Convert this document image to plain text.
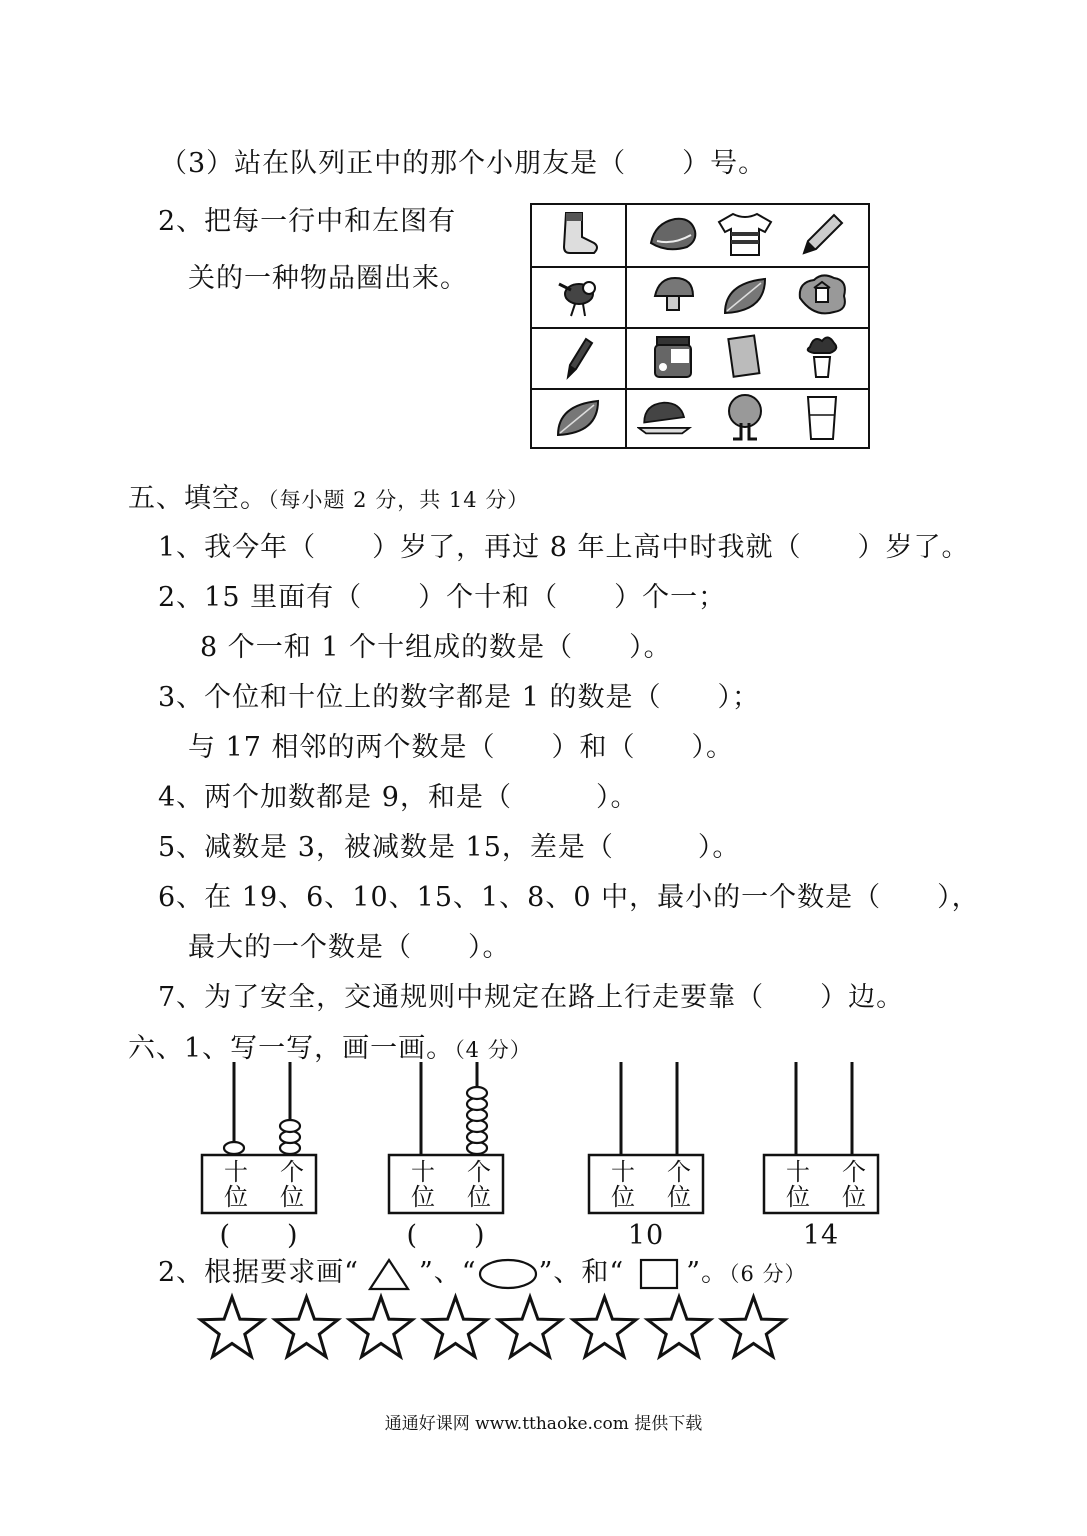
（3）站在队列正中的那个小朋友是（　　）号。
2、把每一行中和左图有
关的一种物品圈出来。
五、填空。（每小题 2 分，共 14 分）
1、我今年（　　）岁了，再过 8 年上高中时我就（　　）岁了。
2、15 里面有（　　）个十和（　　）个一；
8 个一和 1 个十组成的数是（　　）。
3、个位和十位上的数字都是 1 的数是（　　）；
与 17 相邻的两个数是（　　）和（　　）。
4、两个加数都是 9，和是（　　　）。
5、减数是 3，被减数是 15，差是（　　　）。
6、在 19、6、10、15、1、8、0 中，最小的一个数是（　　），
最大的一个数是（　　）。
7、为了安全，交通规则中规定在路上行走要靠（　　）边。
六、1、写一写，画一画。（4 分）
2、根据要求画“ ”、“ ”、和“ ”。（6 分）
通通好课网 www.tthaoke.com 提供下载
十
位
个
位
(　　)
十
位
个
位
(　　)
十
位
个
位
10
十
位
个
位
14
